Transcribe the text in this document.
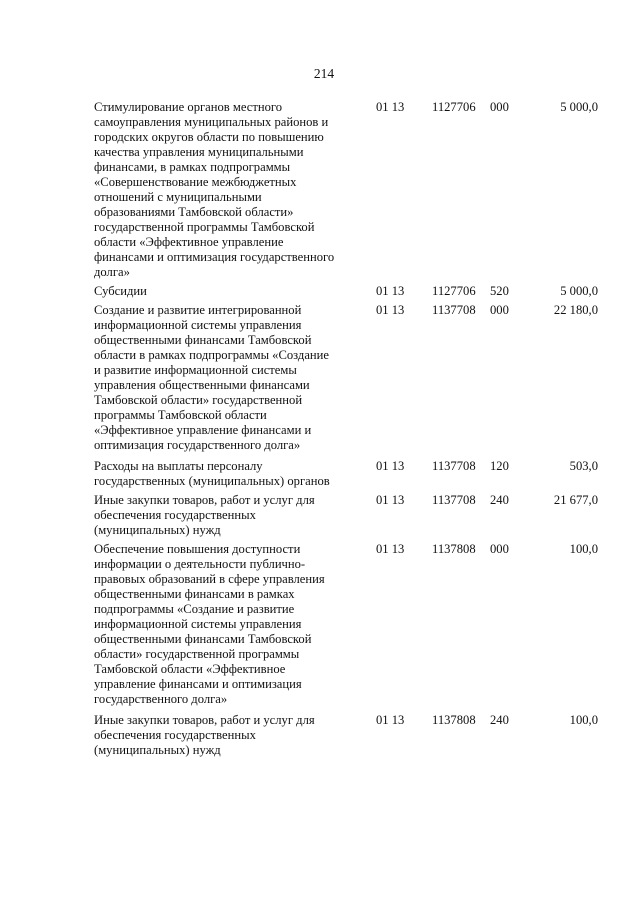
214
Стимулирование органов местного
самоуправления муниципальных районов и
городских округов области по повышению
качества управления муниципальными
финансами, в рамках подпрограммы
«Совершенствование межбюджетных
отношений с муниципальными
образованиями Тамбовской области»
государственной программы Тамбовской
области «Эффективное управление
финансами и оптимизация государственного
долга»
01 13 1127706 000	5 000,0
Субсидии	01 13 1127706 520	5 000,0
Создание и развитие интегрированной
информационной системы управления
общественными финансами Тамбовской
области в рамках подпрограммы «Создание
и развитие информационной системы
управления общественными финансами
Тамбовской области» государственной
программы Тамбовской области
«Эффективное управление финансами и
оптимизация государственного долга»
01 13 1137708 000	22 180,0
Расходы на выплаты персоналу
государственных (муниципальных) органов
01 13 1137708 120	503,0
Иные закупки товаров, работ и услуг для
обеспечения государственных
(муниципальных) нужд
01 13 1137708 240	21 677,0
Обеспечение повышения доступности
информации о деятельности публично-
правовых образований в сфере управления
общественными финансами в рамках
подпрограммы «Создание и развитие
информационной системы управления
общественными финансами Тамбовской
области» государственной программы
Тамбовской области «Эффективное
управление финансами и оптимизация
государственного долга»
01 13 1137808 000	100,0
Иные закупки товаров, работ и услуг для
обеспечения государственных
(муниципальных) нужд
01 13 1137808 240	100,0
